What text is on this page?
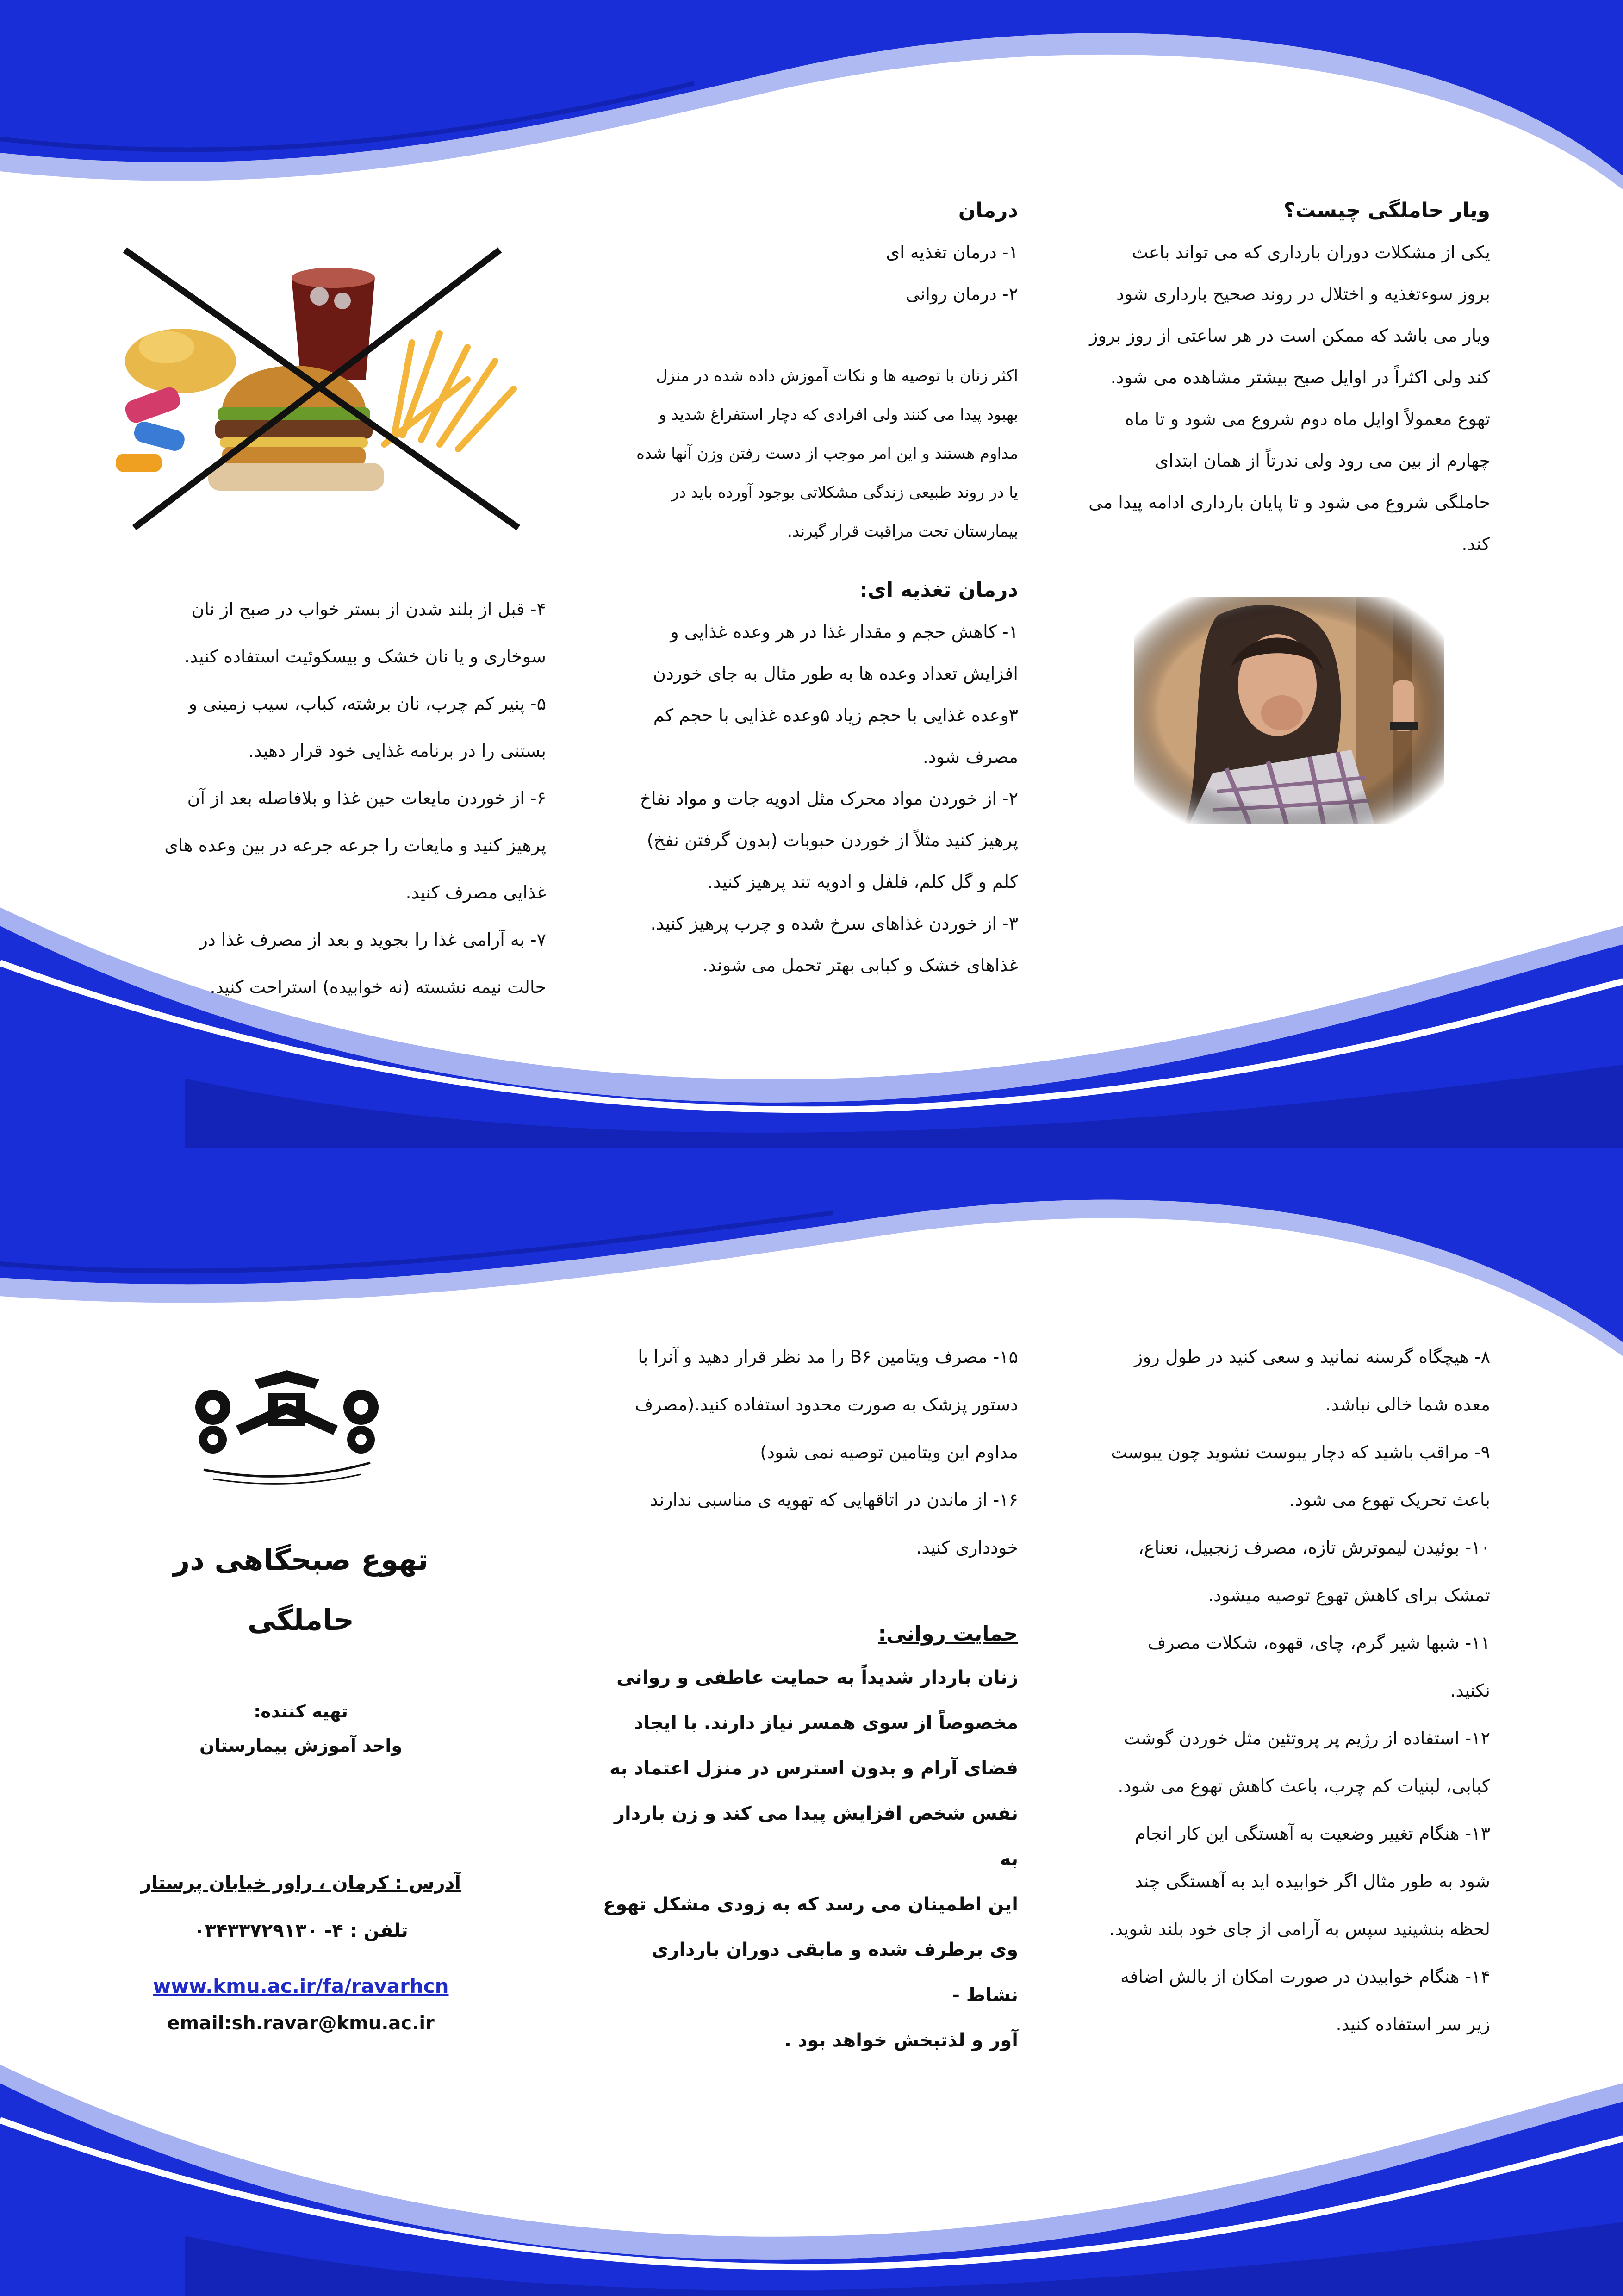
ویار حاملگی چیست؟

یکی از مشکلات دوران بارداری که می تواند باعث

بروز سوءتغذیه و اختلال در روند صحیح بارداری شود

ویار می باشد که ممکن است در هر ساعتی از روز بروز

کند ولی اکثراً در اوایل صبح بیشتر مشاهده می شود.

تهوع معمولاً اوایل ماه دوم شروع می شود و تا ماه

چهارم از بین می رود ولی ندرتاً از همان ابتدای

حاملگی شروع می شود و تا پایان بارداری ادامه پیدا می

کند.

درمان

۱- درمان تغذیه ای

۲- درمان روانی

اکثر زنان با توصیه ها و نکات آموزش داده شده در منزل

بهبود پیدا می کنند ولی افرادی که دچار استفراغ شدید و

مداوم هستند و این امر موجب از دست رفتن وزن آنها شده

یا در روند طبیعی زندگی مشکلاتی بوجود آورده باید در

بیمارستان تحت مراقبت قرار گیرند.

درمان تغذیه ای:

۱- کاهش حجم و مقدار غذا در هر وعده غذایی و

افزایش تعداد وعده ها به طور مثال به جای خوردن

۳وعده غذایی با حجم زیاد ۵وعده غذایی با حجم کم

مصرف شود.

۲- از خوردن مواد محرک مثل ادویه جات و مواد نفاخ

پرهیز کنید مثلاً از خوردن حبوبات (بدون گرفتن نفخ)

کلم و گل کلم، فلفل و ادویه تند پرهیز کنید.

۳- از خوردن غذاهای سرخ شده و چرب پرهیز کنید.

غذاهای خشک و کبابی بهتر تحمل می شوند.

۴- قبل از بلند شدن از بستر خواب در صبح از نان

سوخاری و یا نان خشک و بیسکوئیت استفاده کنید.

۵- پنیر کم چرب، نان برشته، کباب، سیب زمینی و

بستنی را در برنامه غذایی خود قرار دهید.

۶- از خوردن مایعات حین غذا و بلافاصله بعد از آن

پرهیز کنید و مایعات را جرعه جرعه در بین وعده های

غذایی مصرف کنید.

۷- به آرامی غذا را بجوید و بعد از مصرف غذا در

حالت نیمه نشسته (نه خوابیده) استراحت کنید.

۸- هیچگاه گرسنه نمانید و سعی کنید در طول روز

معده شما خالی نباشد.

۹- مراقب باشید که دچار یبوست نشوید چون یبوست

باعث تحریک تهوع می شود.

۱۰- بوئیدن لیموترش تازه، مصرف زنجبیل، نعناع،

تمشک برای کاهش تهوع توصیه میشود.

۱۱- شبها شیر گرم، چای، قهوه، شکلات مصرف

نکنید.

۱۲- استفاده از رژیم پر پروتئین مثل خوردن گوشت

کبابی، لبنیات کم چرب، باعث کاهش تهوع می شود.

۱۳- هنگام تغییر وضعیت به آهستگی این کار انجام

شود به طور مثال اگر خوابیده اید به آهستگی چند

لحظه بنشینید سپس به آرامی از جای خود بلند شوید.

۱۴- هنگام خوابیدن در صورت امکان از بالش اضافه

زیر سر استفاده کنید.

۱۵- مصرف ویتامین B۶ را مد نظر قرار دهید و آنرا با

دستور پزشک به صورت محدود استفاده کنید.(مصرف

مداوم این ویتامین توصیه نمی شود)

۱۶- از ماندن در اتاقهایی که تهویه ی مناسبی ندارند

خودداری کنید.

حمایت روانی:

زنان باردار شدیداً به حمایت عاطفی و روانی

مخصوصاً از سوی همسر نیاز دارند. با ایجاد

فضای آرام و بدون استرس در منزل اعتماد به

نفس شخص افزایش پیدا می کند و زن باردار به

این اطمینان می رسد که به زودی مشکل تهوع

وی برطرف شده و مابقی دوران بارداری نشاط -

آور و لذتبخش خواهد بود .

تهوع صبحگاهی در

حاملگی

تهیه کننده:

واحد آموزش بیمارستان

آدرس : کرمان ، راور خیابان پرستار

تلفن : ۴- ۰۳۴۳۳۷۲۹۱۳۰

www.kmu.ac.ir/fa/ravarhcn

email:sh.ravar@kmu.ac.ir
